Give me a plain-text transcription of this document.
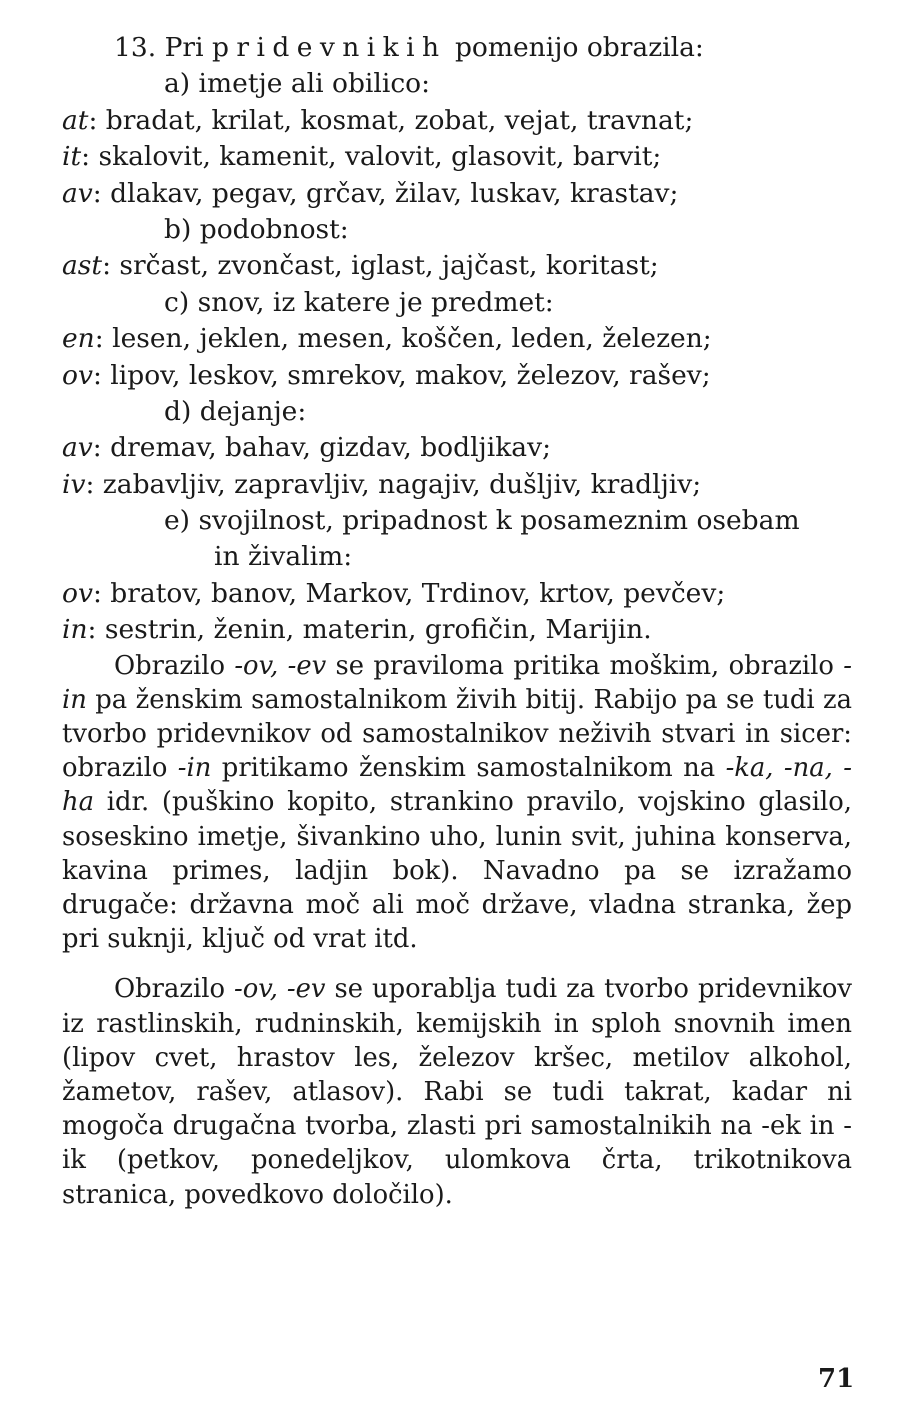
13. Pri pridevnikih pomenijo obrazila:
a) imetje ali obilico:
at: bradat, krilat, kosmat, zobat, vejat, travnat;
it: skalovit, kamenit, valovit, glasovit, barvit;
av: dlakav, pegav, grčav, žilav, luskav, krastav;
b) podobnost:
ast: srčast, zvončast, iglast, jajčast, koritast;
c) snov, iz katere je predmet:
en: lesen, jeklen, mesen, koščen, leden, železen;
ov: lipov, leskov, smrekov, makov, železov, rašev;
d) dejanje:
av: dremav, bahav, gizdav, bodljikav;
iv: zabavljiv, zapravljiv, nagajiv, dušljiv, kradljiv;
e) svojilnost, pripadnost k posameznim osebam
in živalim:
ov: bratov, banov, Markov, Trdinov, krtov, pevčev;
in: sestrin, ženin, materin, grofičin, Marijin.

Obrazilo -ov, -ev se praviloma pritika moškim, obrazilo -in pa ženskim samostalnikom živih bitij. Rabijo pa se tudi za tvorbo pridevnikov od samostalnikov neživih stvari in sicer: obrazilo -in pritikamo ženskim samostalnikom na -ka, -na, -ha idr. (puškino kopito, strankino pravilo, vojskino glasilo, soseskino imetje, šivankino uho, lunin svit, juhina konserva, kavina primes, ladjin bok). Navadno pa se izražamo drugače: državna moč ali moč države, vladna stranka, žep pri suknji, ključ od vrat itd.

Obrazilo -ov, -ev se uporablja tudi za tvorbo pridevnikov iz rastlinskih, rudninskih, kemijskih in sploh snovnih imen (lipov cvet, hrastov les, železov kršec, metilov alkohol, žametov, rašev, atlasov). Rabi se tudi takrat, kadar ni mogoča drugačna tvorba, zlasti pri samostalnikih na -ek in -ik (petkov, ponedeljkov, ulomkova črta, trikotnikova stranica, povedkovo določilo).

71
